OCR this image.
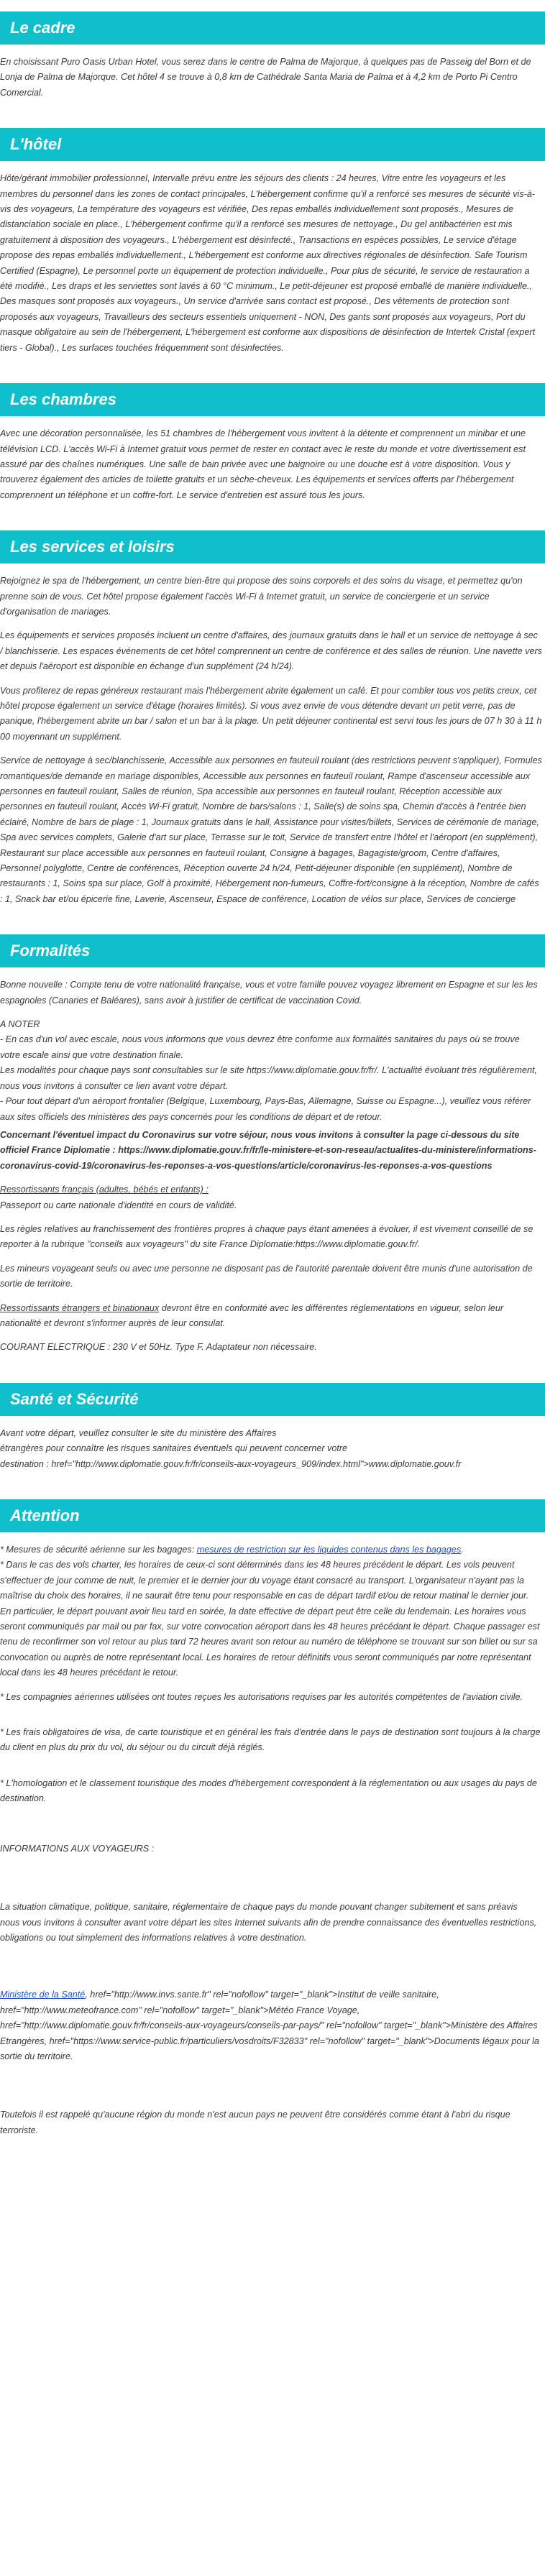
Le cadre

En choisissant Puro Oasis Urban Hotel, vous serez dans le centre de Palma de Majorque, à quelques pas de Passeig del Born et de Lonja de Palma de Majorque. Cet hôtel 4 se trouve à 0,8 km de Cathédrale Santa Maria de Palma et à 4,2 km de Porto Pi Centro Comercial.

L'hôtel

Hôte/gérant immobilier professionnel, Intervalle prévu entre les séjours des clients : 24 heures, Vitre entre les voyageurs et les membres du personnel dans les zones de contact principales, L'hébergement confirme qu'il a renforcé ses mesures de sécurité vis-à-vis des voyageurs, La température des voyageurs est vérifiée, Des repas emballés individuellement sont proposés., Mesures de distanciation sociale en place., L'hébergement confirme qu'il a renforcé ses mesures de nettoyage., Du gel antibactérien est mis gratuitement à disposition des voyageurs., L'hébergement est désinfecté., Transactions en espèces possibles, Le service d'étage propose des repas emballés individuellement., L'hébergement est conforme aux directives régionales de désinfection. Safe Tourism Certified (Espagne), Le personnel porte un équipement de protection individuelle., Pour plus de sécurité, le service de restauration a été modifié., Les draps et les serviettes sont lavés à 60 °C minimum., Le petit-déjeuner est proposé emballé de manière individuelle., Des masques sont proposés aux voyageurs., Un service d'arrivée sans contact est proposé., Des vêtements de protection sont proposés aux voyageurs, Travailleurs des secteurs essentiels uniquement - NON, Des gants sont proposés aux voyageurs, Port du masque obligatoire au sein de l'hébergement, L'hébergement est conforme aux dispositions de désinfection de Intertek Cristal (expert tiers - Global)., Les surfaces touchées fréquemment sont désinfectées.

Les chambres

Avec une décoration personnalisée, les 51 chambres de l'hébergement vous invitent à la détente et comprennent un minibar et une télévision LCD. L'accès Wi-Fi à Internet gratuit vous permet de rester en contact avec le reste du monde et votre divertissement est assuré par des chaînes numériques. Une salle de bain privée avec une baignoire ou une douche est à votre disposition. Vous y trouverez également des articles de toilette gratuits et un sèche-cheveux. Les équipements et services offerts par l'hébergement comprennent un téléphone et un coffre-fort. Le service d'entretien est assuré tous les jours.

Les services et loisirs

Rejoignez le spa de l'hébergement, un centre bien-être qui propose des soins corporels et des soins du visage, et permettez qu'on prenne soin de vous. Cet hôtel propose également l'accès Wi-Fi à Internet gratuit, un service de conciergerie et un service d'organisation de mariages.

Les équipements et services proposés incluent un centre d'affaires, des journaux gratuits dans le hall et un service de nettoyage à sec / blanchisserie. Les espaces événements de cet hôtel comprennent un centre de conférence et des salles de réunion. Une navette vers et depuis l'aéroport est disponible en échange d'un supplément (24 h/24).

Vous profiterez de repas généreux restaurant mais l'hébergement abrite également un café. Et pour combler tous vos petits creux, cet hôtel propose également un service d'étage (horaires limités). Si vous avez envie de vous détendre devant un petit verre, pas de panique, l'hébergement abrite un bar / salon et un bar à la plage. Un petit déjeuner continental est servi tous les jours de 07 h 30 à 11 h 00 moyennant un supplément.

Service de nettoyage à sec/blanchisserie, Accessible aux personnes en fauteuil roulant (des restrictions peuvent s'appliquer), Formules romantiques/de demande en mariage disponibles, Accessible aux personnes en fauteuil roulant, Rampe d'ascenseur accessible aux personnes en fauteuil roulant, Salles de réunion, Spa accessible aux personnes en fauteuil roulant, Réception accessible aux personnes en fauteuil roulant, Accès Wi-Fi gratuit, Nombre de bars/salons : 1, Salle(s) de soins spa, Chemin d'accès à l'entrée bien éclairé, Nombre de bars de plage : 1, Journaux gratuits dans le hall, Assistance pour visites/billets, Services de cérémonie de mariage, Spa avec services complets, Galerie d'art sur place, Terrasse sur le toit, Service de transfert entre l'hôtel et l'aéroport (en supplément), Restaurant sur place accessible aux personnes en fauteuil roulant, Consigne à bagages, Bagagiste/groom, Centre d'affaires, Personnel polyglotte, Centre de conférences, Réception ouverte 24 h/24, Petit-déjeuner disponible (en supplément), Nombre de restaurants : 1, Soins spa sur place, Golf à proximité, Hébergement non-fumeurs, Coffre-fort/consigne à la réception, Nombre de cafés : 1, Snack bar et/ou épicerie fine, Laverie, Ascenseur, Espace de conférence, Location de vélos sur place, Services de concierge

Formalités

Bonne nouvelle : Compte tenu de votre nationalité française, vous et votre famille pouvez voyagez librement en Espagne et sur les les espagnoles (Canaries et Baléares), sans avoir à justifier de certificat de vaccination Covid.

A NOTER
- En cas d'un vol avec escale, nous vous informons que vous devrez être conforme aux formalités sanitaires du pays où se trouve votre escale ainsi que votre destination finale.
Les modalités pour chaque pays sont consultables sur le site https://www.diplomatie.gouv.fr/fr/. L'actualité évoluant très régulièrement, nous vous invitons à consulter ce lien avant votre départ.
- Pour tout départ d'un aéroport frontalier (Belgique, Luxembourg, Pays-Bas, Allemagne, Suisse ou Espagne...), veuillez vous référer aux sites officiels des ministères des pays concernés pour les conditions de départ et de retour.

Concernant l'éventuel impact du Coronavirus sur votre séjour, nous vous invitons à consulter la page ci-dessous du site officiel France Diplomatie : https://www.diplomatie.gouv.fr/fr/le-ministere-et-son-reseau/actualites-du-ministere/informations-coronavirus-covid-19/coronavirus-les-reponses-a-vos-questions/article/coronavirus-les-reponses-a-vos-questions

Ressortissants français (adultes, bébés et enfants) :
Passeport ou carte nationale d'identité en cours de validité.

Les règles relatives au franchissement des frontières propres à chaque pays étant amenées à évoluer, il est vivement conseillé de se reporter à la rubrique "conseils aux voyageurs" du site France Diplomatie:https://www.diplomatie.gouv.fr/.

Les mineurs voyageant seuls ou avec une personne ne disposant pas de l'autorité parentale doivent être munis d'une autorisation de sortie de territoire.

Ressortissants étrangers et binationaux devront être en conformité avec les différentes réglementations en vigueur, selon leur nationalité et devront s'informer auprès de leur consulat.

COURANT ELECTRIQUE : 230 V et 50Hz. Type F. Adaptateur non nécessaire.

Santé et Sécurité

Avant votre départ, veuillez consulter le site du ministère des Affaires
étrangères pour connaître les risques sanitaires éventuels qui peuvent concerner votre
destination : href="http://www.diplomatie.gouv.fr/fr/conseils-aux-voyageurs_909/index.html">www.diplomatie.gouv.fr

Attention

* Mesures de sécurité aérienne sur les bagages: mesures de restriction sur les liquides contenus dans les bagages.

* Dans le cas des vols charter, les horaires de ceux-ci sont déterminés dans les 48 heures précédent le départ. Les vols peuvent s'effectuer de jour comme de nuit, le premier et le dernier jour du voyage étant consacré au transport. L'organisateur n'ayant pas la maîtrise du choix des horaires, il ne saurait être tenu pour responsable en cas de départ tardif et/ou de retour matinal le dernier jour. En particulier, le départ pouvant avoir lieu tard en soirée, la date effective de départ peut être celle du lendemain. Les horaires vous seront communiqués par mail ou par fax, sur votre convocation aéroport dans les 48 heures précédant le départ. Chaque passager est tenu de reconfirmer son vol retour au plus tard 72 heures avant son retour au numéro de téléphone se trouvant sur son billet ou sur sa convocation ou auprès de notre représentant local. Les horaires de retour définitifs vous seront communiqués par notre représentant local dans les 48 heures précédant le retour.

* Les compagnies aériennes utilisées ont toutes reçues les autorisations requises par les autorités compétentes de l'aviation civile.

* Les frais obligatoires de visa, de carte touristique et en général les frais d'entrée dans le pays de destination sont toujours à la charge du client en plus du prix du vol, du séjour ou du circuit déjà réglés.

* L'homologation et le classement touristique des modes d'hébergement correspondent à la réglementation ou aux usages du pays de destination.

INFORMATIONS AUX VOYAGEURS :

La situation climatique, politique, sanitaire, réglementaire de chaque pays du monde pouvant changer subitement et sans préavis
nous vous invitons à consulter avant votre départ les sites Internet suivants afin de prendre connaissance des éventuelles restrictions, obligations ou tout simplement des informations relatives à votre destination.

Ministère de la Santé, href="http://www.invs.sante.fr" rel="nofollow" target="_blank">Institut de veille sanitaire, href="http://www.meteofrance.com" rel="nofollow" target="_blank">Météo France Voyage, href="http://www.diplomatie.gouv.fr/fr/conseils-aux-voyageurs/conseils-par-pays/" rel="nofollow" target="_blank">Ministère des Affaires Etrangères, href="https://www.service-public.fr/particuliers/vosdroits/F32833" rel="nofollow" target="_blank">Documents légaux pour la sortie du territoire.

Toutefois il est rappelé qu'aucune région du monde n'est aucun pays ne peuvent être considérés comme étant à l'abri du risque terroriste.
